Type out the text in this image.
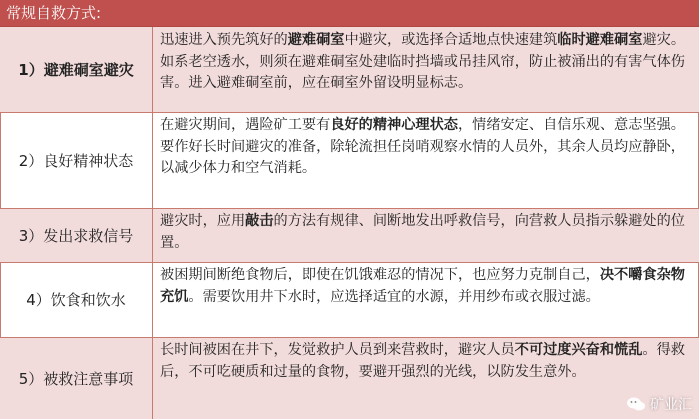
常规自救方式:
1）避难硐室避灾
迅速进入预先筑好的避难硐室中避灾，或选择合适地点快速建筑临时避难硐室避灾。如系老空透水，则须在避难硐室处建临时挡墙或吊挂风帘，防止被涌出的有害气体伤害。进入避难硐室前，应在硐室外留设明显标志。
2）良好精神状态
在避灾期间，遇险矿工要有良好的精神心理状态，情绪安定、自信乐观、意志坚强。要作好长时间避灾的准备，除轮流担任岗哨观察水情的人员外，其余人员均应静卧，以减少体力和空气消耗。
3）发出求救信号
避灾时，应用敲击的方法有规律、间断地发出呼救信号，向营救人员指示躲避处的位置。
4）饮食和饮水
被困期间断绝食物后，即使在饥饿难忍的情况下，也应努力克制自己，决不嚼食杂物充饥。需要饮用井下水时，应选择适宜的水源，并用纱布或衣服过滤。
5）被救注意事项
长时间被困在井下，发觉救护人员到来营救时，避灾人员不可过度兴奋和慌乱。得救后，不可吃硬质和过量的食物，要避开强烈的光线，以防发生意外。
矿业汇
